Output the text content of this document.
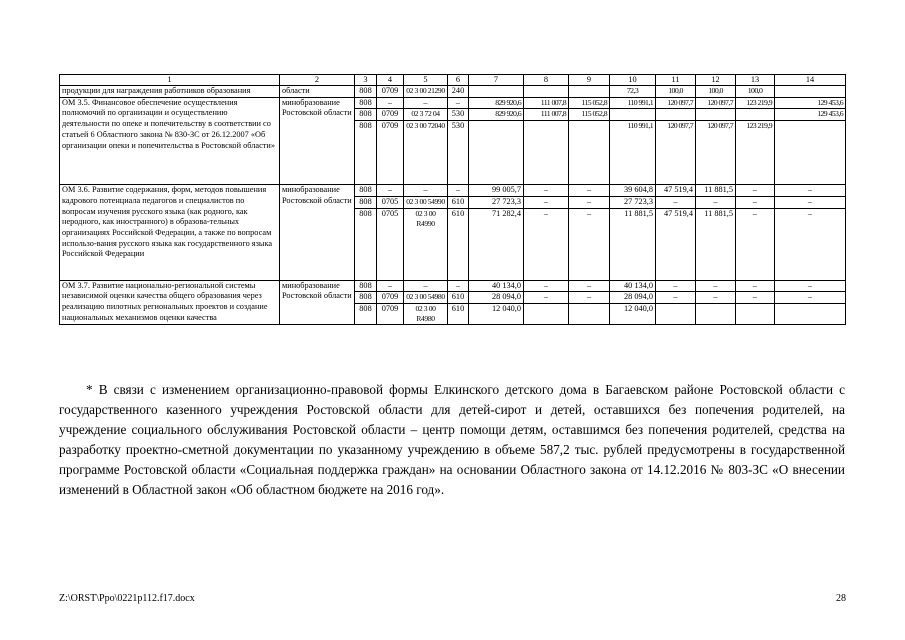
1	2	3	4	5	6	7	8	9	10	11	12	13	14
продукции для награждения работников образования	области	808	0709	02 3 00 21290	240				72,3	100,0	100,0	100,0	
ОМ 3.5. Финансовое обеспечение осуществления полномочий по организации и осуществлению деятельности по опеке и попечительству в соответствии со статьей 6 Областного закона № 830-ЗС от 26.12.2007 «Об организации опеки и попечительства в Ростовской области»	минобразование Ростовской области	808	–	–	–	829 920,6	111 007,8	115 052,8	110 991,1	120 097,7	120 097,7	123 219,9	129 453,6
		808	0709	02 3 72 04	530	829 920,6	111 007,8	115 052,8					129 453,6
		808	0709	02 3 00 72040	530				110 991,1	120 097,7	120 097,7	123 219,9	
ОМ 3.6. Развитие содержания, форм, методов повышения кадрового потенциала педагогов и специалистов по вопросам изучения русского языка (как родного, как неродного, как иностранного) в образова-тельных организациях Российской Федерации, а также по вопросам использо-вания русского языка как государственного языка Российской Федерации	минобразование Ростовской области	808	–	–	–	99 005,7	–	–	39 604,8	47 519,4	11 881,5	–	–
		808	0705	02 3 00 54990	610	27 723,3	–	–	27 723,3	–	–	–	–
		808	0705	02 3 00 R4990	610	71 282,4	–	–	11 881,5	47 519,4	11 881,5	–	–
ОМ 3.7. Развитие национально-региональной системы независимой оценки качества общего образования через реализацию пилотных региональных проектов и создание национальных механизмов оценки качества	минобразование Ростовской области	808	–	–	–	40 134,0	–	–	40 134,0	–	–	–	–
		808	0709	02 3 00 54980	610	28 094,0	–	–	28 094,0	–	–	–	–
		808	0709	02 3 00 R4980	610	12 040,0			12 040,0				

* В связи с изменением организационно-правовой формы Елкинского детского дома в Багаевском районе Ростовской области с государственного казенного учреждения Ростовской области для детей-сирот и детей, оставшихся без попечения родителей, на учреждение социального обслуживания Ростовской области – центр помощи детям, оставшимся без попечения родителей, средства на разработку проектно-сметной документации по указанному учреждению в объеме 587,2 тыс. рублей предусмотрены в государственной программе Ростовской области «Социальная поддержка граждан» на основании Областного закона от 14.12.2016 № 803-ЗС «О внесении изменений в Областной закон «Об областном бюджете на 2016 год».

Z:\ORST\Ppo\0221p112.f17.docx	28
